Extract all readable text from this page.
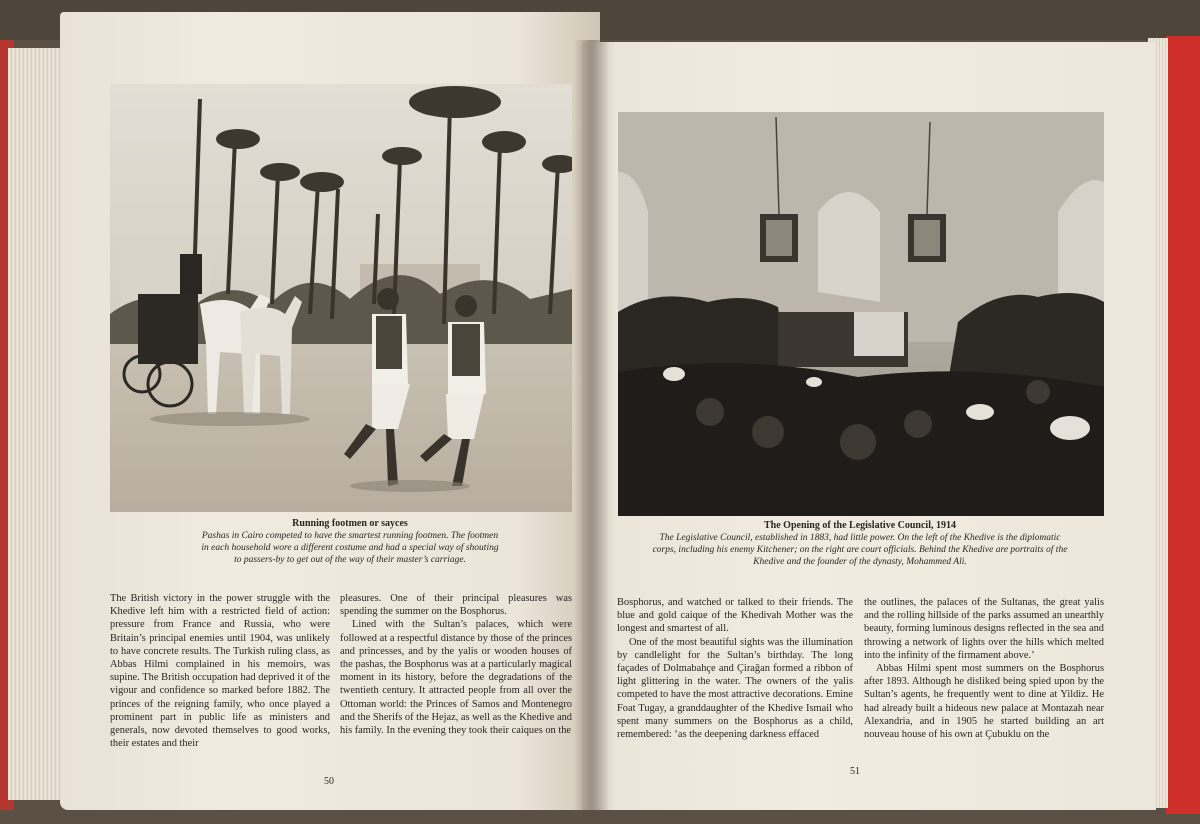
Running footmen or sayces
Pashas in Cairo competed to have the smartest running footmen. The footmen in each household wore a different costume and had a special way of shouting to passers-by to get out of the way of their master’s carriage.
The Opening of the Legislative Council, 1914
The Legislative Council, established in 1883, had little power. On the left of the Khedive is the diplomatic corps, including his enemy Kitchener; on the right are court officials. Behind the Khedive are portraits of the Khedive and the founder of the dynasty, Mohammed Ali.

The British victory in the power struggle with the Khedive left him with a restricted field of action: pressure from France and Russia, who were Britain’s principal enemies until 1904, was unlikely to have concrete results. The Turkish ruling class, as Abbas Hilmi complained in his memoirs, was supine. The British occupation had deprived it of the vigour and confidence so marked before 1882. The princes of the reigning family, who once played a prominent part in public life as ministers and generals, now devoted themselves to good works, their estates and their

pleasures. One of their principal pleasures was spending the summer on the Bosphorus.

Lined with the Sultan’s palaces, which were followed at a respectful distance by those of the princes and princesses, and by the yalis or wooden houses of the pashas, the Bosphorus was at a particularly magical moment in its history, before the degradations of the twentieth century. It attracted people from all over the Ottoman world: the Princes of Samos and Montenegro and the Sherifs of the Hejaz, as well as the Khedive and his family. In the evening they took their caiques on the

Bosphorus, and watched or talked to their friends. The blue and gold caique of the Khedivah Mother was the longest and smartest of all.

One of the most beautiful sights was the illumination by candlelight for the Sultan’s birthday. The long façades of Dolmabahçe and Çirağan formed a ribbon of light glittering in the water. The owners of the yalis competed to have the most attractive decorations. Emine Foat Tugay, a granddaughter of the Khedive Ismail who spent many summers on the Bosphorus as a child, remembered: ‘as the deepening darkness effaced

the outlines, the palaces of the Sultanas, the great yalis and the rolling hillside of the parks assumed an unearthly beauty, forming luminous designs reflected in the sea and throwing a network of lights over the hills which melted into the infinity of the firmament above.’

Abbas Hilmi spent most summers on the Bosphorus after 1893. Although he disliked being spied upon by the Sultan’s agents, he frequently went to dine at Yildiz. He had already built a hideous new palace at Montazah near Alexandria, and in 1905 he started building an art nouveau house of his own at Çubuklu on the

50
51
